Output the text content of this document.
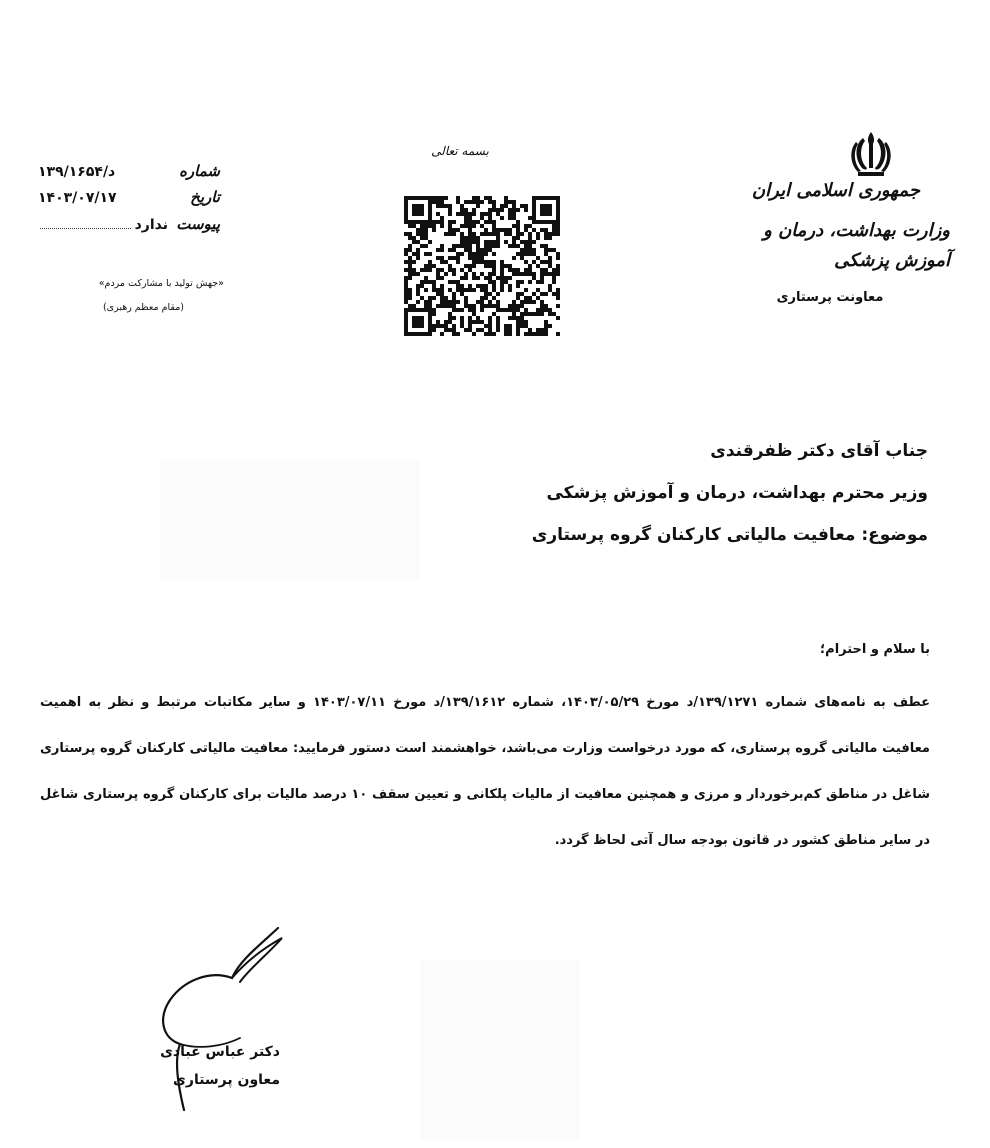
جمهوری اسلامی ایران
وزارت بهداشت، درمان و آموزش پزشکی
معاونت پرستاری
بسمه تعالی
شماره
د/۱۳۹/۱۶۵۴
تاریخ
۱۴۰۳/۰۷/۱۷
پیوست
ندارد
«جهش تولید با مشارکت مردم»
(مقام معظم رهبری)
جناب آقای دکتر ظفرقندی
وزیر محترم بهداشت، درمان و آموزش پزشکی
موضوع: معافیت مالیاتی کارکنان گروه پرستاری
با سلام و احترام؛
عطف به نامه‌های شماره ۱۳۹/۱۲۷۱/د مورخ ۱۴۰۳/۰۵/۲۹، شماره ۱۳۹/۱۶۱۲/د مورخ ۱۴۰۳/۰۷/۱۱ و سایر مکاتبات مرتبط و نظر به اهمیت معافیت مالیاتی گروه پرستاری، که مورد درخواست وزارت می‌باشد، خواهشمند است دستور فرمایید: معافیت مالیاتی کارکنان گروه پرستاری شاغل در مناطق کم‌برخوردار و مرزی و همچنین معافیت از مالیات پلکانی و تعیین سقف ۱۰ درصد مالیات برای کارکنان گروه پرستاری شاغل در سایر مناطق کشور در قانون بودجه سال آتی لحاظ گردد.
دکتر عباس عبادی
معاون پرستاری
